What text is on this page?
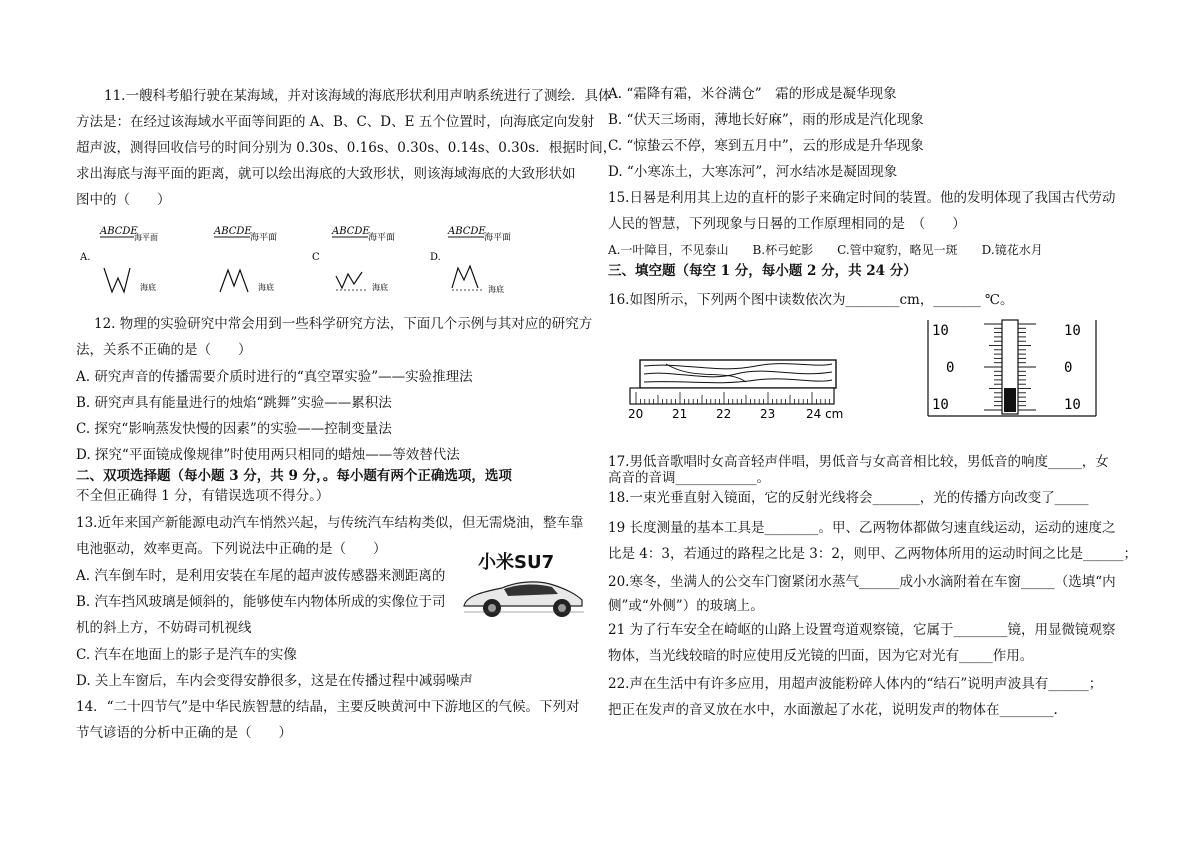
11.一艘科考船行驶在某海域，并对该海域的海底形状利用声呐系统进行了测绘．具体
方法是：在经过该海域水平面等间距的 A、B、C、D、E 五个位置时，向海底定向发射
超声波，测得回收信号的时间分别为 0.30s、0.16s、0.30s、0.14s、0.30s．根据时间，
求出海底与海平面的距离，就可以绘出海底的大致形状，则该海域海底的大致形状如
图中的（　　）
A.
ABCDE
海平面
海底
ABCDE
海平面
海底
C
ABCDE
海平面
海底
D.
ABCDE
海平面
海底
12. 物理的实验研究中常会用到一些科学研究方法，下面几个示例与其对应的研究方
法，关系不正确的是（　　）
A. 研究声音的传播需要介质时进行的“真空罩实验”——实验推理法
B. 研究声具有能量进行的烛焰“跳舞”实验——累积法
C. 探究“影响蒸发快慢的因素”的实验——控制变量法
D. 探究“平面镜成像规律”时使用两只相同的蜡烛——等效替代法
二、双项选择题（每小题 3 分，共 9 分，。每小题有两个正确选项，选项
不全但正确得 1 分，有错误选项不得分。）
13.近年来国产新能源电动汽车悄然兴起，与传统汽车结构类似，但无需烧油，整车靠
电池驱动，效率更高。下列说法中正确的是（　　）
小米SU7
A. 汽车倒车时，是利用安装在车尾的超声波传感器来测距离的
B. 汽车挡风玻璃是倾斜的，能够使车内物体所成的实像位于司
机的斜上方，不妨碍司机视线
C. 汽车在地面上的影子是汽车的实像
D. 关上车窗后，车内会变得安静很多，这是在传播过程中减弱噪声
14．“二十四节气”是中华民族智慧的结晶，主要反映黄河中下游地区的气候。下列对
节气谚语的分析中正确的是（　　）
A. “霜降有霜，米谷满仓”　霜的形成是凝华现象
B. “伏天三场雨，薄地长好麻”，雨的形成是汽化现象
C. “惊蛰云不停，寒到五月中”，云的形成是升华现象
D. “小寒冻土，大寒冻河”，河水结冰是凝固现象
15.日晷是利用其上边的直杆的影子来确定时间的装置。他的发明体现了我国古代劳动
人民的智慧，下列现象与日晷的工作原理相同的是　（　　）
A.一叶障目，不见泰山　　B.杯弓蛇影　　C.管中窥豹，略见一斑　　D.镜花水月
三、填空题（每空 1 分，每小题 2 分，共 24 分）
16.如图所示，下列两个图中读数依次为________cm，_______ ℃。
20 21 22 23	24 cm
10
0
10
10
0
10
17.男低音歌唱时女高音轻声伴唱，男低音与女高音相比较，男低音的响度_____，女
高音的音调____________。
18.一束光垂直射入镜面，它的反射光线将会_______，光的传播方向改变了_____
19 长度测量的基本工具是________。甲、乙两物体都做匀速直线运动，运动的速度之
比是 4：3，若通过的路程之比是 3：2，则甲、乙两物体所用的运动时间之比是______；
20.寒冬，坐满人的公交车门窗紧闭水蒸气______成小水滴附着在车窗_____（选填“内
侧”或“外侧”）的玻璃上。
21 为了行车安全在崎岖的山路上设置弯道观察镜，它属于________镜，用显微镜观察
物体，当光线较暗的时应使用反光镜的凹面，因为它对光有_____作用。
22.声在生活中有许多应用，用超声波能粉碎人体内的“结石”说明声波具有______；
把正在发声的音叉放在水中，水面激起了水花，说明发声的物体在________.
